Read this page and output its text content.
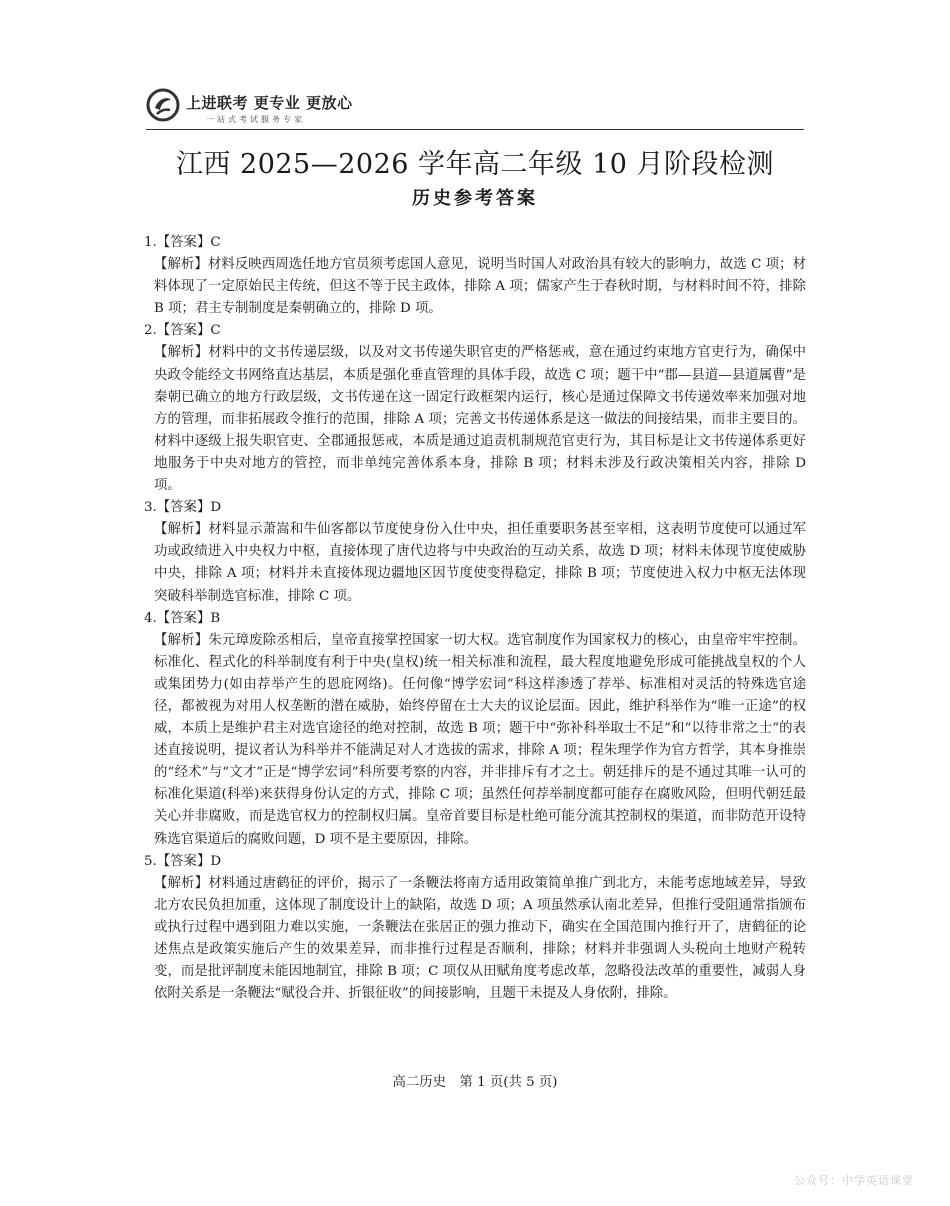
上进联考 更专业 更放心
一站式考试服务专家
江西 2025—2026 学年高二年级 10 月阶段检测
历史参考答案

1.【答案】C

【解析】材料反映西周选任地方官员须考虑国人意见，说明当时国人对政治具有较大的影响力，故选 C 项；材料体现了一定原始民主传统，但这不等于民主政体，排除 A 项；儒家产生于春秋时期，与材料时间不符，排除 B 项；君主专制制度是秦朝确立的，排除 D 项。

2.【答案】C

【解析】材料中的文书传递层级，以及对文书传递失职官吏的严格惩戒，意在通过约束地方官吏行为，确保中央政令能经文书网络直达基层，本质是强化垂直管理的具体手段，故选 C 项；题干中“郡—县道—县道属曹”是秦朝已确立的地方行政层级，文书传递在这一固定行政框架内运行，核心是通过保障文书传递效率来加强对地方的管理，而非拓展政令推行的范围，排除 A 项；完善文书传递体系是这一做法的间接结果，而非主要目的。材料中逐级上报失职官吏、全郡通报惩戒，本质是通过追责机制规范官吏行为，其目标是让文书传递体系更好地服务于中央对地方的管控，而非单纯完善体系本身，排除 B 项；材料未涉及行政决策相关内容，排除 D 项。

3.【答案】D

【解析】材料显示萧嵩和牛仙客都以节度使身份入仕中央，担任重要职务甚至宰相，这表明节度使可以通过军功或政绩进入中央权力中枢，直接体现了唐代边将与中央政治的互动关系，故选 D 项；材料未体现节度使威胁中央，排除 A 项；材料并未直接体现边疆地区因节度使变得稳定，排除 B 项；节度使进入权力中枢无法体现突破科举制选官标准，排除 C 项。

4.【答案】B

【解析】朱元璋废除丞相后，皇帝直接掌控国家一切大权。选官制度作为国家权力的核心，由皇帝牢牢控制。标准化、程式化的科举制度有利于中央(皇权)统一相关标准和流程，最大程度地避免形成可能挑战皇权的个人或集团势力(如由荐举产生的恩庇网络)。任何像“博学宏词”科这样渗透了荐举、标准相对灵活的特殊选官途径，都被视为对用人权垄断的潜在威胁，始终停留在士大夫的议论层面。因此，维护科举作为“唯一正途”的权威，本质上是维护君主对选官途径的绝对控制，故选 B 项；题干中“弥补科举取士不足”和“以待非常之士”的表述直接说明，提议者认为科举并不能满足对人才选拔的需求，排除 A 项；程朱理学作为官方哲学，其本身推崇的“经术”与“文才”正是“博学宏词”科所要考察的内容，并非排斥有才之士。朝廷排斥的是不通过其唯一认可的标准化渠道(科举)来获得身份认定的方式，排除 C 项；虽然任何荐举制度都可能存在腐败风险，但明代朝廷最关心并非腐败，而是选官权力的控制权归属。皇帝首要目标是杜绝可能分流其控制权的渠道，而非防范开设特殊选官渠道后的腐败问题，D 项不是主要原因，排除。

5.【答案】D

【解析】材料通过唐鹤征的评价，揭示了一条鞭法将南方适用政策简单推广到北方，未能考虑地域差异，导致北方农民负担加重，这体现了制度设计上的缺陷，故选 D 项；A 项虽然承认南北差异，但推行受阻通常指颁布或执行过程中遇到阻力难以实施，一条鞭法在张居正的强力推动下，确实在全国范围内推行开了，唐鹤征的论述焦点是政策实施后产生的效果差异，而非推行过程是否顺利，排除；材料并非强调人头税向土地财产税转变，而是批评制度未能因地制宜，排除 B 项；C 项仅从田赋角度考虑改革，忽略役法改革的重要性，减弱人身依附关系是一条鞭法“赋役合并、折银征收”的间接影响，且题干未提及人身依附，排除。

高二历史　第 1 页(共 5 页)
公众号：中学英语课堂
